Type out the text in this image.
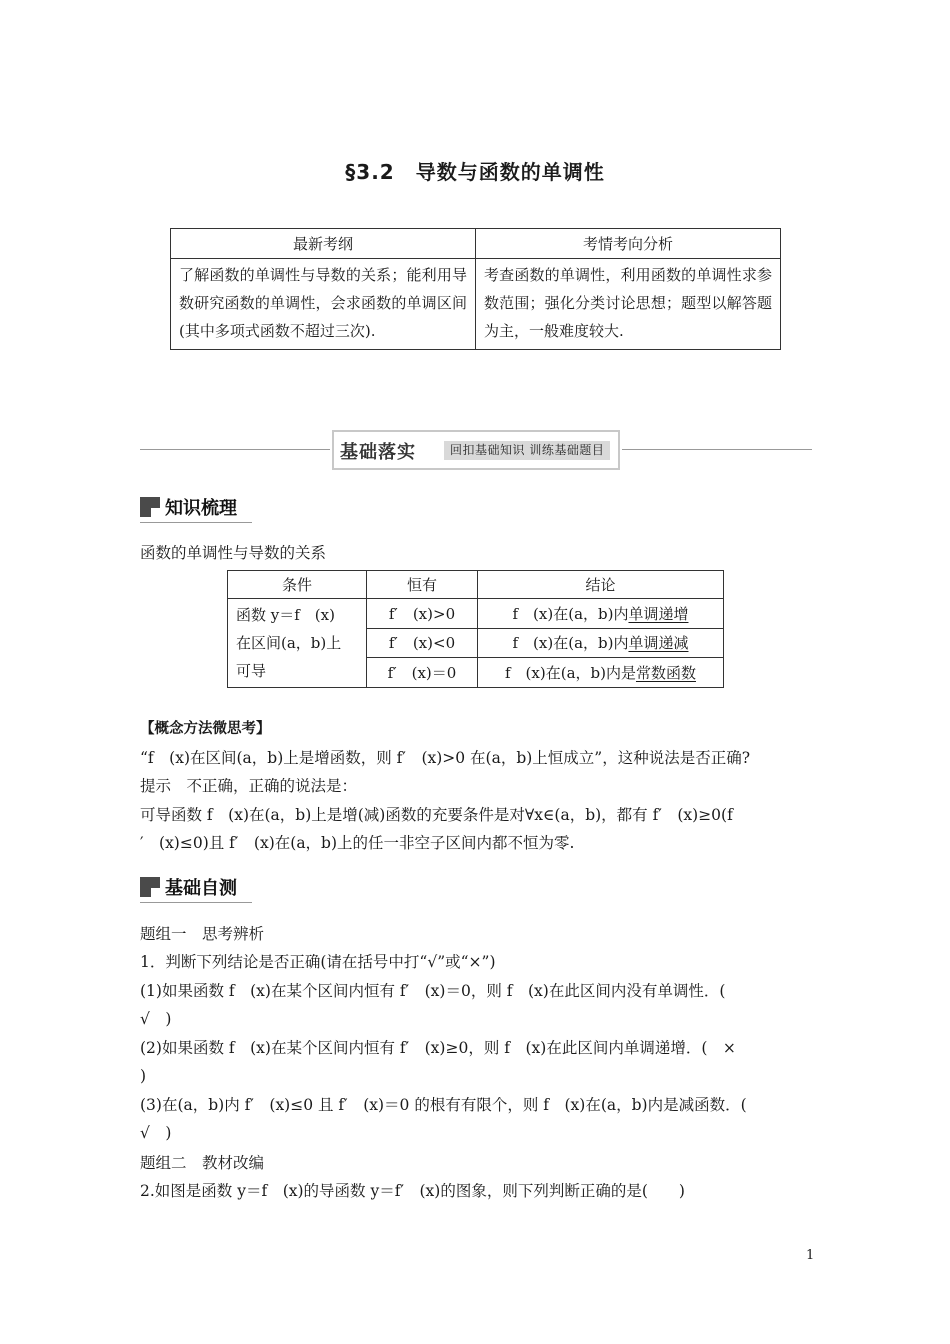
§3.2　导数与函数的单调性
最新考纲	考情考向分析
了解函数的单调性与导数的关系；能利用导数研究函数的单调性，会求函数的单调区间(其中多项式函数不超过三次).	考查函数的单调性，利用函数的单调性求参数范围；强化分类讨论思想；题型以解答题为主，一般难度较大.
基础落实	回扣基础知识 训练基础题目
知识梳理
函数的单调性与导数的关系
条件	恒有	结论

函数 y＝f　(x)
在区间(a，b)上
可导	f′　(x)>0	f　(x)在(a，b)内单调递增
	f′　(x)<0	f　(x)在(a，b)内单调递减
	f′　(x)＝0	f　(x)在(a，b)内是常数函数
【概念方法微思考】
“f　(x)在区间(a，b)上是增函数，则 f′　(x)>0 在(a，b)上恒成立”，这种说法是否正确?
提示　不正确，正确的说法是：
可导函数 f　(x)在(a，b)上是增(减)函数的充要条件是对∀x∈(a，b)，都有 f′　(x)≥0(f
′　(x)≤0)且 f′　(x)在(a，b)上的任一非空子区间内都不恒为零.
基础自测
题组一　思考辨析
1．判断下列结论是否正确(请在括号中打“√”或“×”)
(1)如果函数 f　(x)在某个区间内恒有 f′　(x)＝0，则 f　(x)在此区间内没有单调性．(
√　)
(2)如果函数 f　(x)在某个区间内恒有 f′　(x)≥0，则 f　(x)在此区间内单调递增．(　×
)
(3)在(a，b)内 f′　(x)≤0 且 f′　(x)＝0 的根有有限个，则 f　(x)在(a，b)内是减函数．(
√　)
题组二　教材改编
2.如图是函数 y＝f　(x)的导函数 y＝f′　(x)的图象，则下列判断正确的是(　　)
1
